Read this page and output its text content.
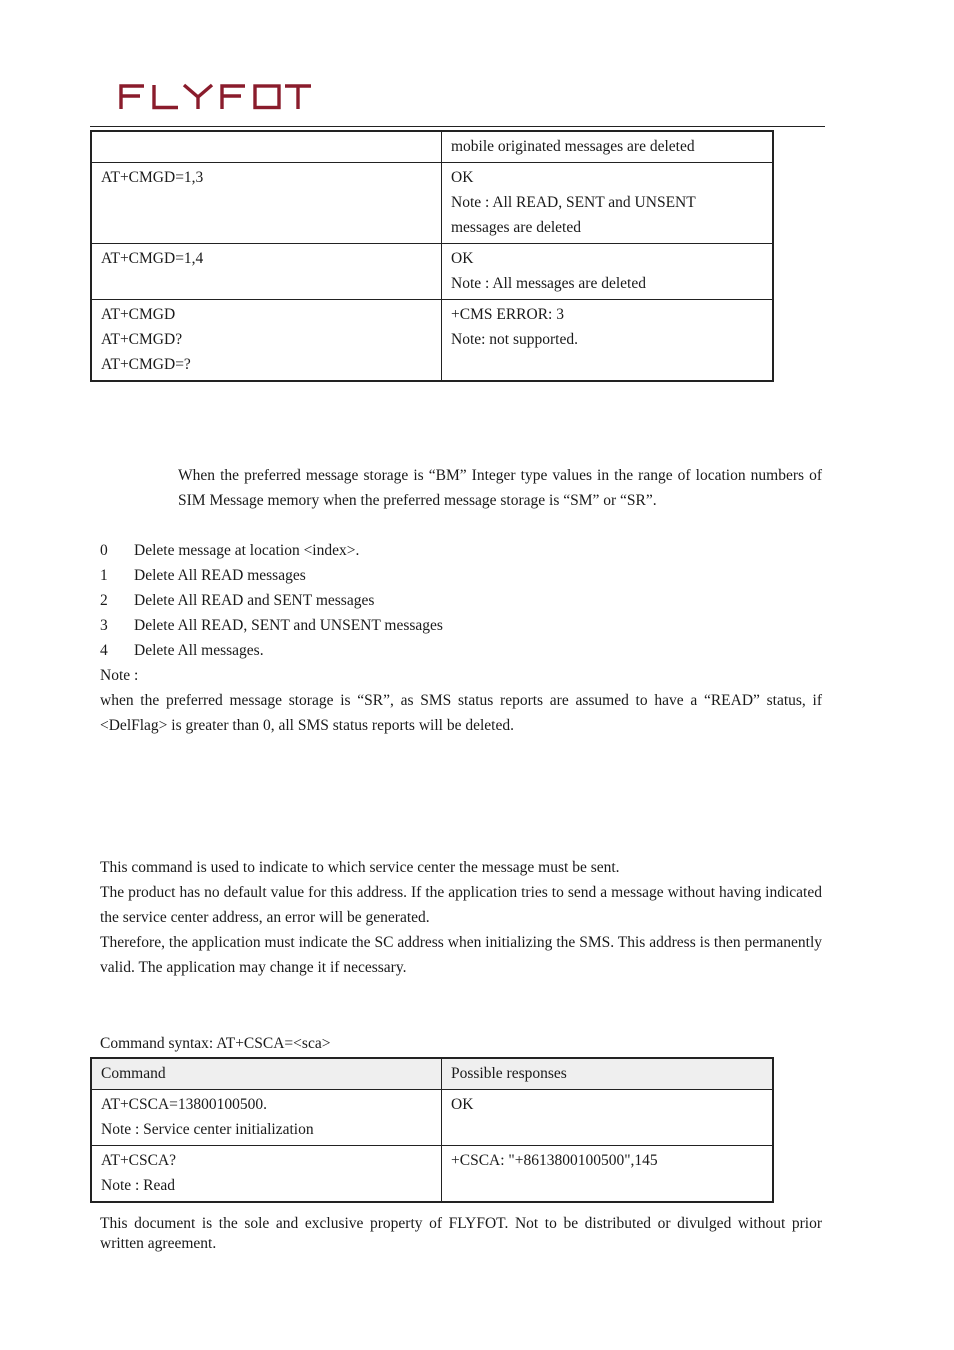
	mobile originated messages are deleted

AT+CMGD=1,3	OK
Note : All READ, SENT and UNSENT
messages are deleted

AT+CMGD=1,4	OK
Note : All messages are deleted

AT+CMGD
AT+CMGD?
AT+CMGD=?	+CMS ERROR: 3
Note: not supported.
When the preferred message storage is “BM” Integer type values in the range of location numbers of SIM Message memory when the preferred message storage is “SM” or “SR”.
0 Delete message at location <index>.
1 Delete All READ messages
2 Delete All READ and SENT messages
3 Delete All READ, SENT and UNSENT messages
4 Delete All messages.
Note :
when the preferred message storage is “SR”, as SMS status reports are assumed to have a “READ” status, if <DelFlag> is greater than 0, all SMS status reports will be deleted.
This command is used to indicate to which service center the message must be sent.
The product has no default value for this address. If the application tries to send a message without having indicated the service center address, an error will be generated.
Therefore, the application must indicate the SC address when initializing the SMS. This address is then permanently valid. The application may change it if necessary.
Command syntax: AT+CSCA=<sca>
Command	Possible responses

AT+CSCA=13800100500.
Note : Service center initialization	OK

AT+CSCA?
Note : Read	+CSCA: "+8613800100500",145
This document is the sole and exclusive property of FLYFOT. Not to be distributed or divulged without prior written agreement.
